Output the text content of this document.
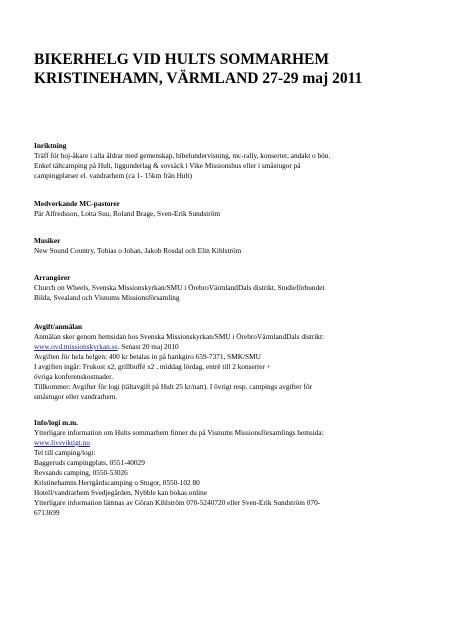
BIKERHELG VID HULTS SOMMARHEM
KRISTINEHAMN, VÄRMLAND 27-29 maj 2011
Inriktning
Träff för hoj-åkare i alla åldrar med gemenskap, bibelundervisning, mc-rally, konserter, andakt o bön.
Enkel tältcamping på Hult, liggunderlag & sovsäck i Vike Missionshus eller i småstugor på
campingplatser el. vandrarhem (ca 1- 15km från Hult)
Medverkande MC-pastorer
Pär Alfredsson, Lotta Suu, Roland Brage, Sven-Erik Sundström
Musiker
New Sound Country, Tobias o Johan, Jakob Rosdal och Elin Kihlström
Arrangörer
Church on Wheels, Svenska Missionskyrkan/SMU i ÖrebroVärmlandDals distrikt, Studieförbundet
Bilda, Svealand och Visnums Missionsförsamling
Avgift/anmälan
Anmälan sker genom hemsidan hos Svenska Missionskyrkan/SMU i ÖrebroVärmlandDals distrikt:
www.ovd.missionskyrkan.se. Senast 20 maj 2010
Avgiften för hela helgen: 400 kr betalas in på bankgiro 659-7371, SMK/SMU
I avgiften ingår: Frukost x2, grillbuffé x2 , middag lördag, entré till 2 konserter +
övriga konferenskostnader.
Tillkommer: Avgifter för logi (tältavgift på Hult 25 kr/natt). I övrigt resp. campings avgifter för
småstugor eller vandrarhem.
Info/logi m.m.
Ytterligare information om Hults sommarhem finner du på Visnums Missionsförsamlings hemsida:
www.livsviktigt.nu
Tel till camping/logi:
Baggeruds campingplats, 0551-40029
Revsands camping, 0550-53026
Kristinehamns Herrgårdscamping o Stugor, 0550-102 80
Hotell/vandrarhem Svedjegården, Nybble kan bokas online
Ytterligare information lämnas av Göran Kihlström 070-5240720 eller Sven-Erik Sundström 070-
6713699
